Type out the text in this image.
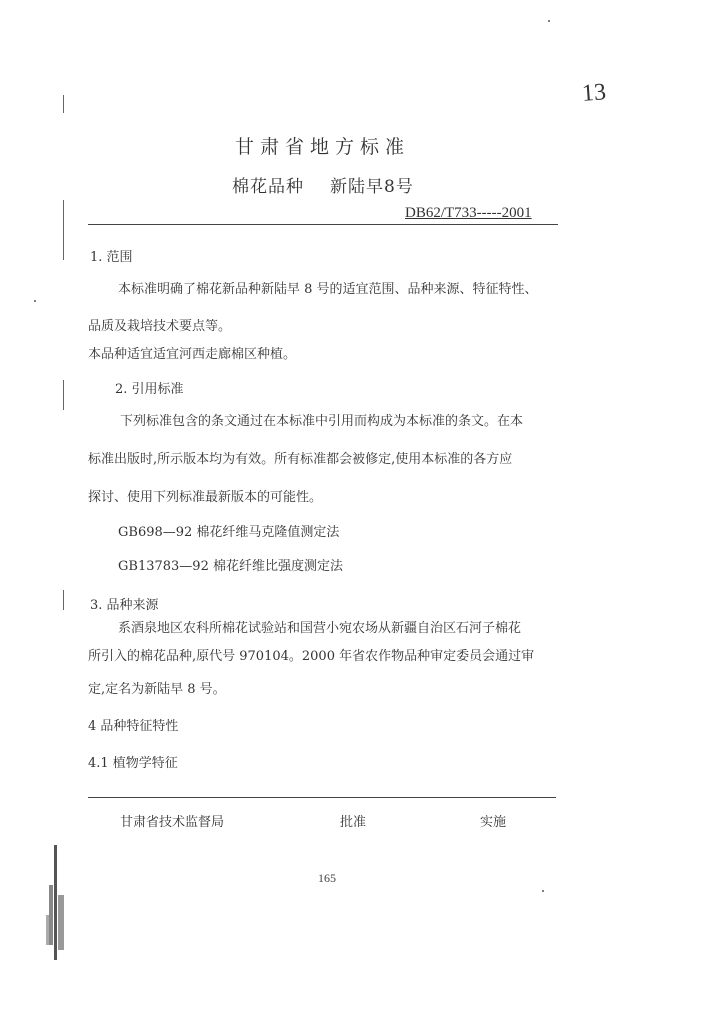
13
甘肃省地方标准
棉花品种 新陆早8号
DB62/T733-----2001
1. 范围
本标准明确了棉花新品种新陆早 8 号的适宜范围、品种来源、特征特性、
品质及栽培技术要点等。
本品种适宜适宜河西走廊棉区种植。
2. 引用标准
下列标准包含的条文通过在本标准中引用而构成为本标准的条文。在本
标准出版时,所示版本均为有效。所有标准都会被修定,使用本标准的各方应
探讨、使用下列标准最新版本的可能性。
GB698—92 棉花纤维马克隆值测定法
GB13783—92 棉花纤维比强度测定法
3. 品种来源
系酒泉地区农科所棉花试验站和国营小宛农场从新疆自治区石河子棉花
所引入的棉花品种,原代号 970104。2000 年省农作物品种审定委员会通过审
定,定名为新陆早 8 号。
4 品种特征特性
4.1 植物学特征
甘肃省技术监督局	批准	实施
165
